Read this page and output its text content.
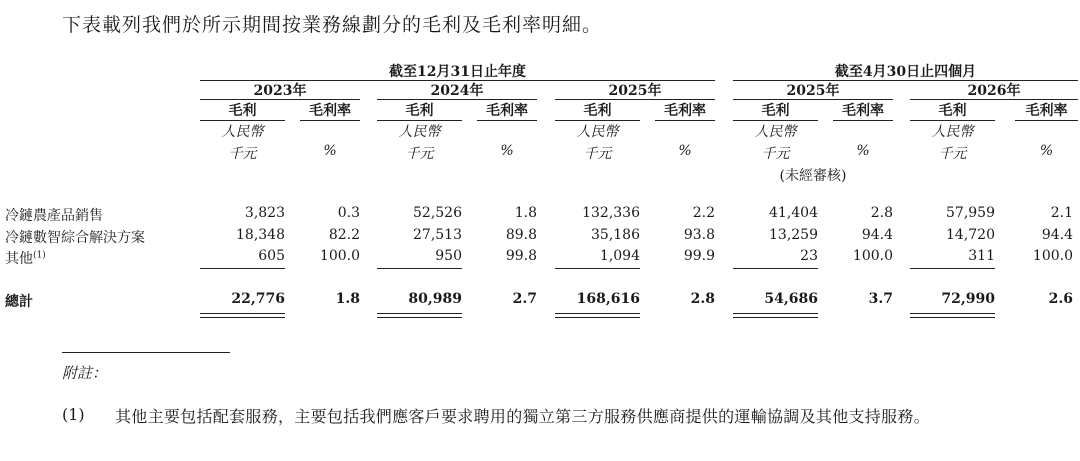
下表載列我們於所示期間按業務線劃分的毛利及毛利率明細。
截至12月31日止年度	截至4月30日止四個月
2023年	2024年	2025年	2025年	2026年
毛利	毛利率	毛利	毛利率	毛利	毛利率	毛利	毛利率	毛利	毛利率
人民幣
千元	%
人民幣
千元	%
人民幣
千元	%
人民幣
千元	%
人民幣
千元	%
(未經審核)
冷鏈農產品銷售	3,823	0.3	52,526	1.8	132,336	2.2	41,404	2.8	57,959	2.1
冷鏈數智綜合解決方案	18,348	82.2	27,513	89.8	35,186	93.8	13,259	94.4	14,720	94.4
其他$^{(1)}$	605	100.0	950	99.8	1,094	99.9	23	100.0	311	100.0
總計	22,776	1.8	80,989	2.7	168,616	2.8	54,686	3.7	72,990	2.6
附註：
(1) 其他主要包括配套服務，主要包括我們應客戶要求聘用的獨立第三方服務供應商提供的運輸協調及其他支持服務。
